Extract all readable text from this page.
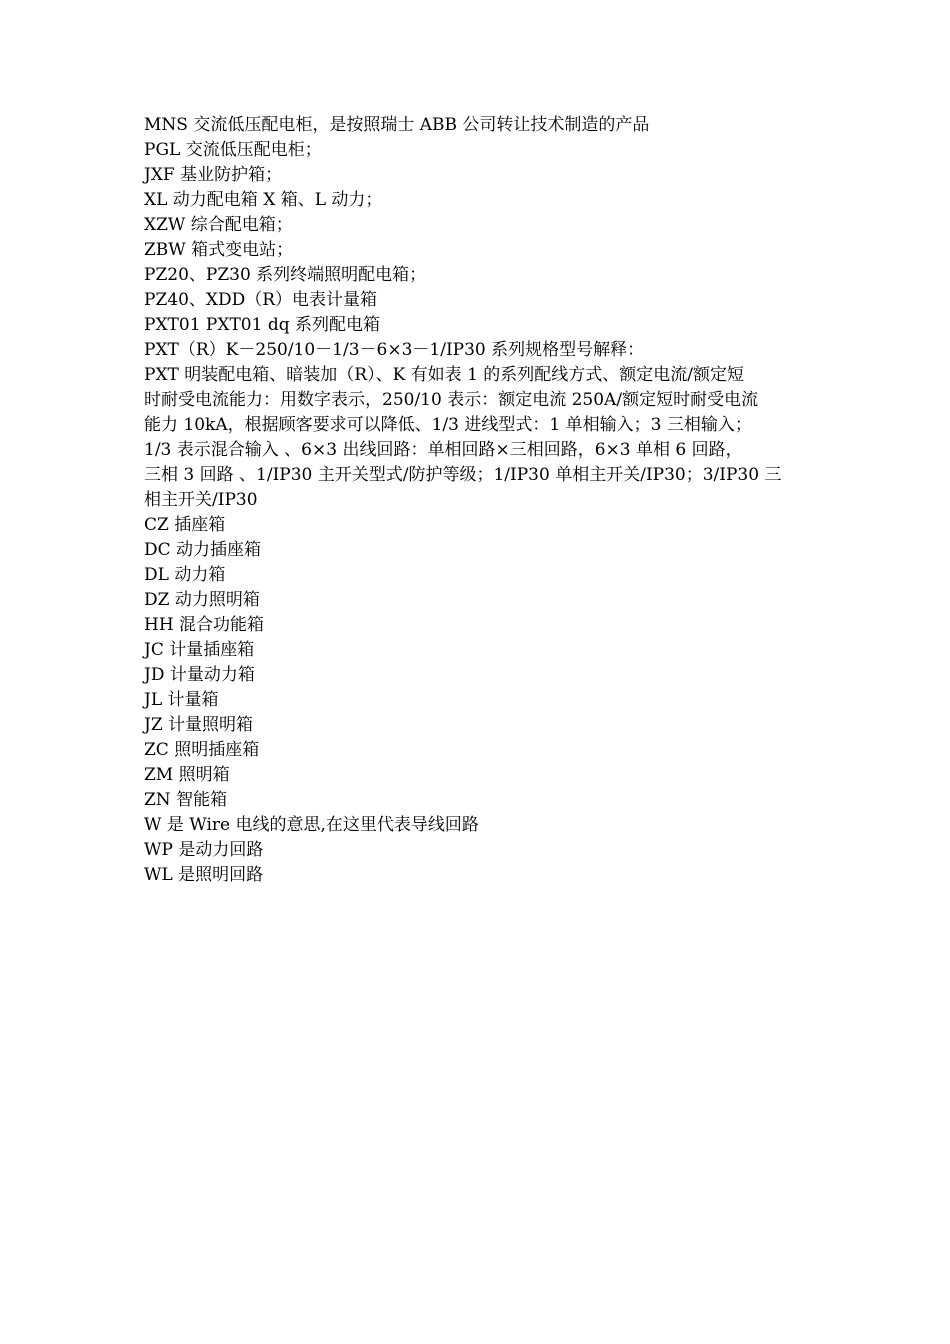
MNS 交流低压配电柜，是按照瑞士 ABB 公司转让技术制造的产品
PGL 交流低压配电柜；
JXF 基业防护箱；
XL 动力配电箱 X 箱、L 动力；
XZW 综合配电箱；
ZBW 箱式变电站；
PZ20、PZ30 系列终端照明配电箱；
PZ40、XDD（R）电表计量箱
PXT01 PXT01 dq 系列配电箱
PXT（R）K－250/10－1/3－6×3－1/IP30 系列规格型号解释：
PXT 明装配电箱、暗装加（R）、K 有如表 1 的系列配线方式、额定电流/额定短
时耐受电流能力：用数字表示，250/10 表示：额定电流 250A/额定短时耐受电流
能力 10kA，根据顾客要求可以降低、1/3 进线型式：1 单相输入；3 三相输入；
1/3 表示混合输入 、6×3 出线回路：单相回路×三相回路，6×3 单相 6 回路，
三相 3 回路 、1/IP30 主开关型式/防护等级；1/IP30 单相主开关/IP30；3/IP30 三
相主开关/IP30
CZ 插座箱
DC 动力插座箱
DL 动力箱
DZ 动力照明箱
HH 混合功能箱
JC 计量插座箱
JD 计量动力箱
JL 计量箱
JZ 计量照明箱
ZC 照明插座箱
ZM 照明箱
ZN 智能箱
W 是 Wire 电线的意思,在这里代表导线回路
WP 是动力回路
WL 是照明回路
